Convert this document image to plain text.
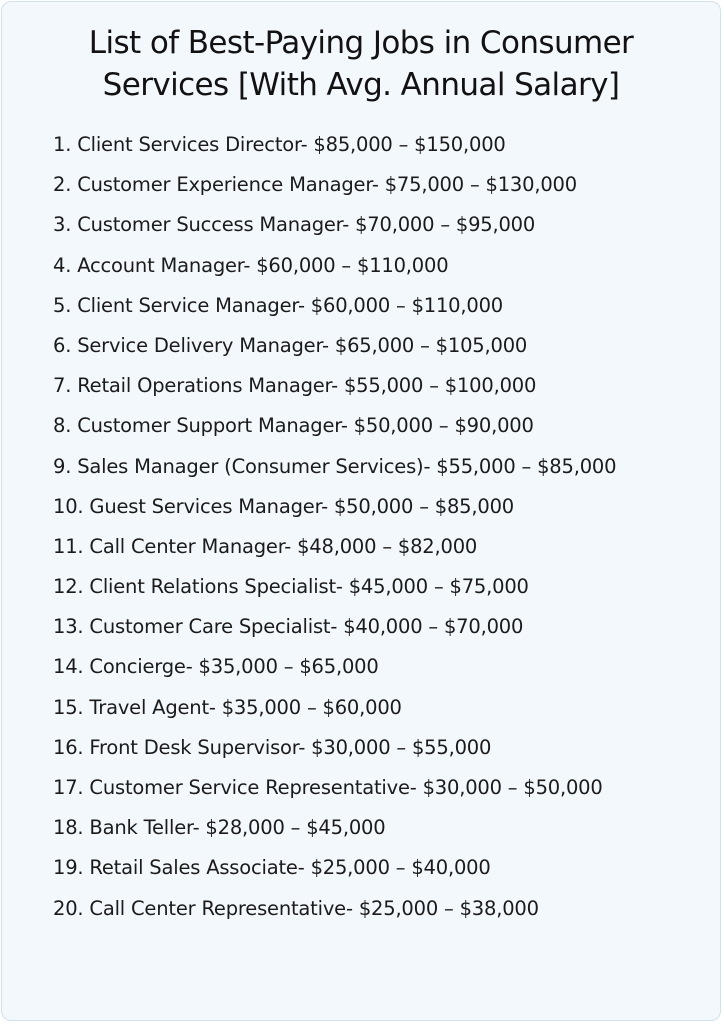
List of Best-Paying Jobs in Consumer
Services [With Avg. Annual Salary]
1. Client Services Director- $85,000 – $150,000
2. Customer Experience Manager- $75,000 – $130,000
3. Customer Success Manager- $70,000 – $95,000
4. Account Manager- $60,000 – $110,000
5. Client Service Manager- $60,000 – $110,000
6. Service Delivery Manager- $65,000 – $105,000
7. Retail Operations Manager- $55,000 – $100,000
8. Customer Support Manager- $50,000 – $90,000
9. Sales Manager (Consumer Services)- $55,000 – $85,000
10. Guest Services Manager- $50,000 – $85,000
11. Call Center Manager- $48,000 – $82,000
12. Client Relations Specialist- $45,000 – $75,000
13. Customer Care Specialist- $40,000 – $70,000
14. Concierge- $35,000 – $65,000
15. Travel Agent- $35,000 – $60,000
16. Front Desk Supervisor- $30,000 – $55,000
17. Customer Service Representative- $30,000 – $50,000
18. Bank Teller- $28,000 – $45,000
19. Retail Sales Associate- $25,000 – $40,000
20. Call Center Representative- $25,000 – $38,000
